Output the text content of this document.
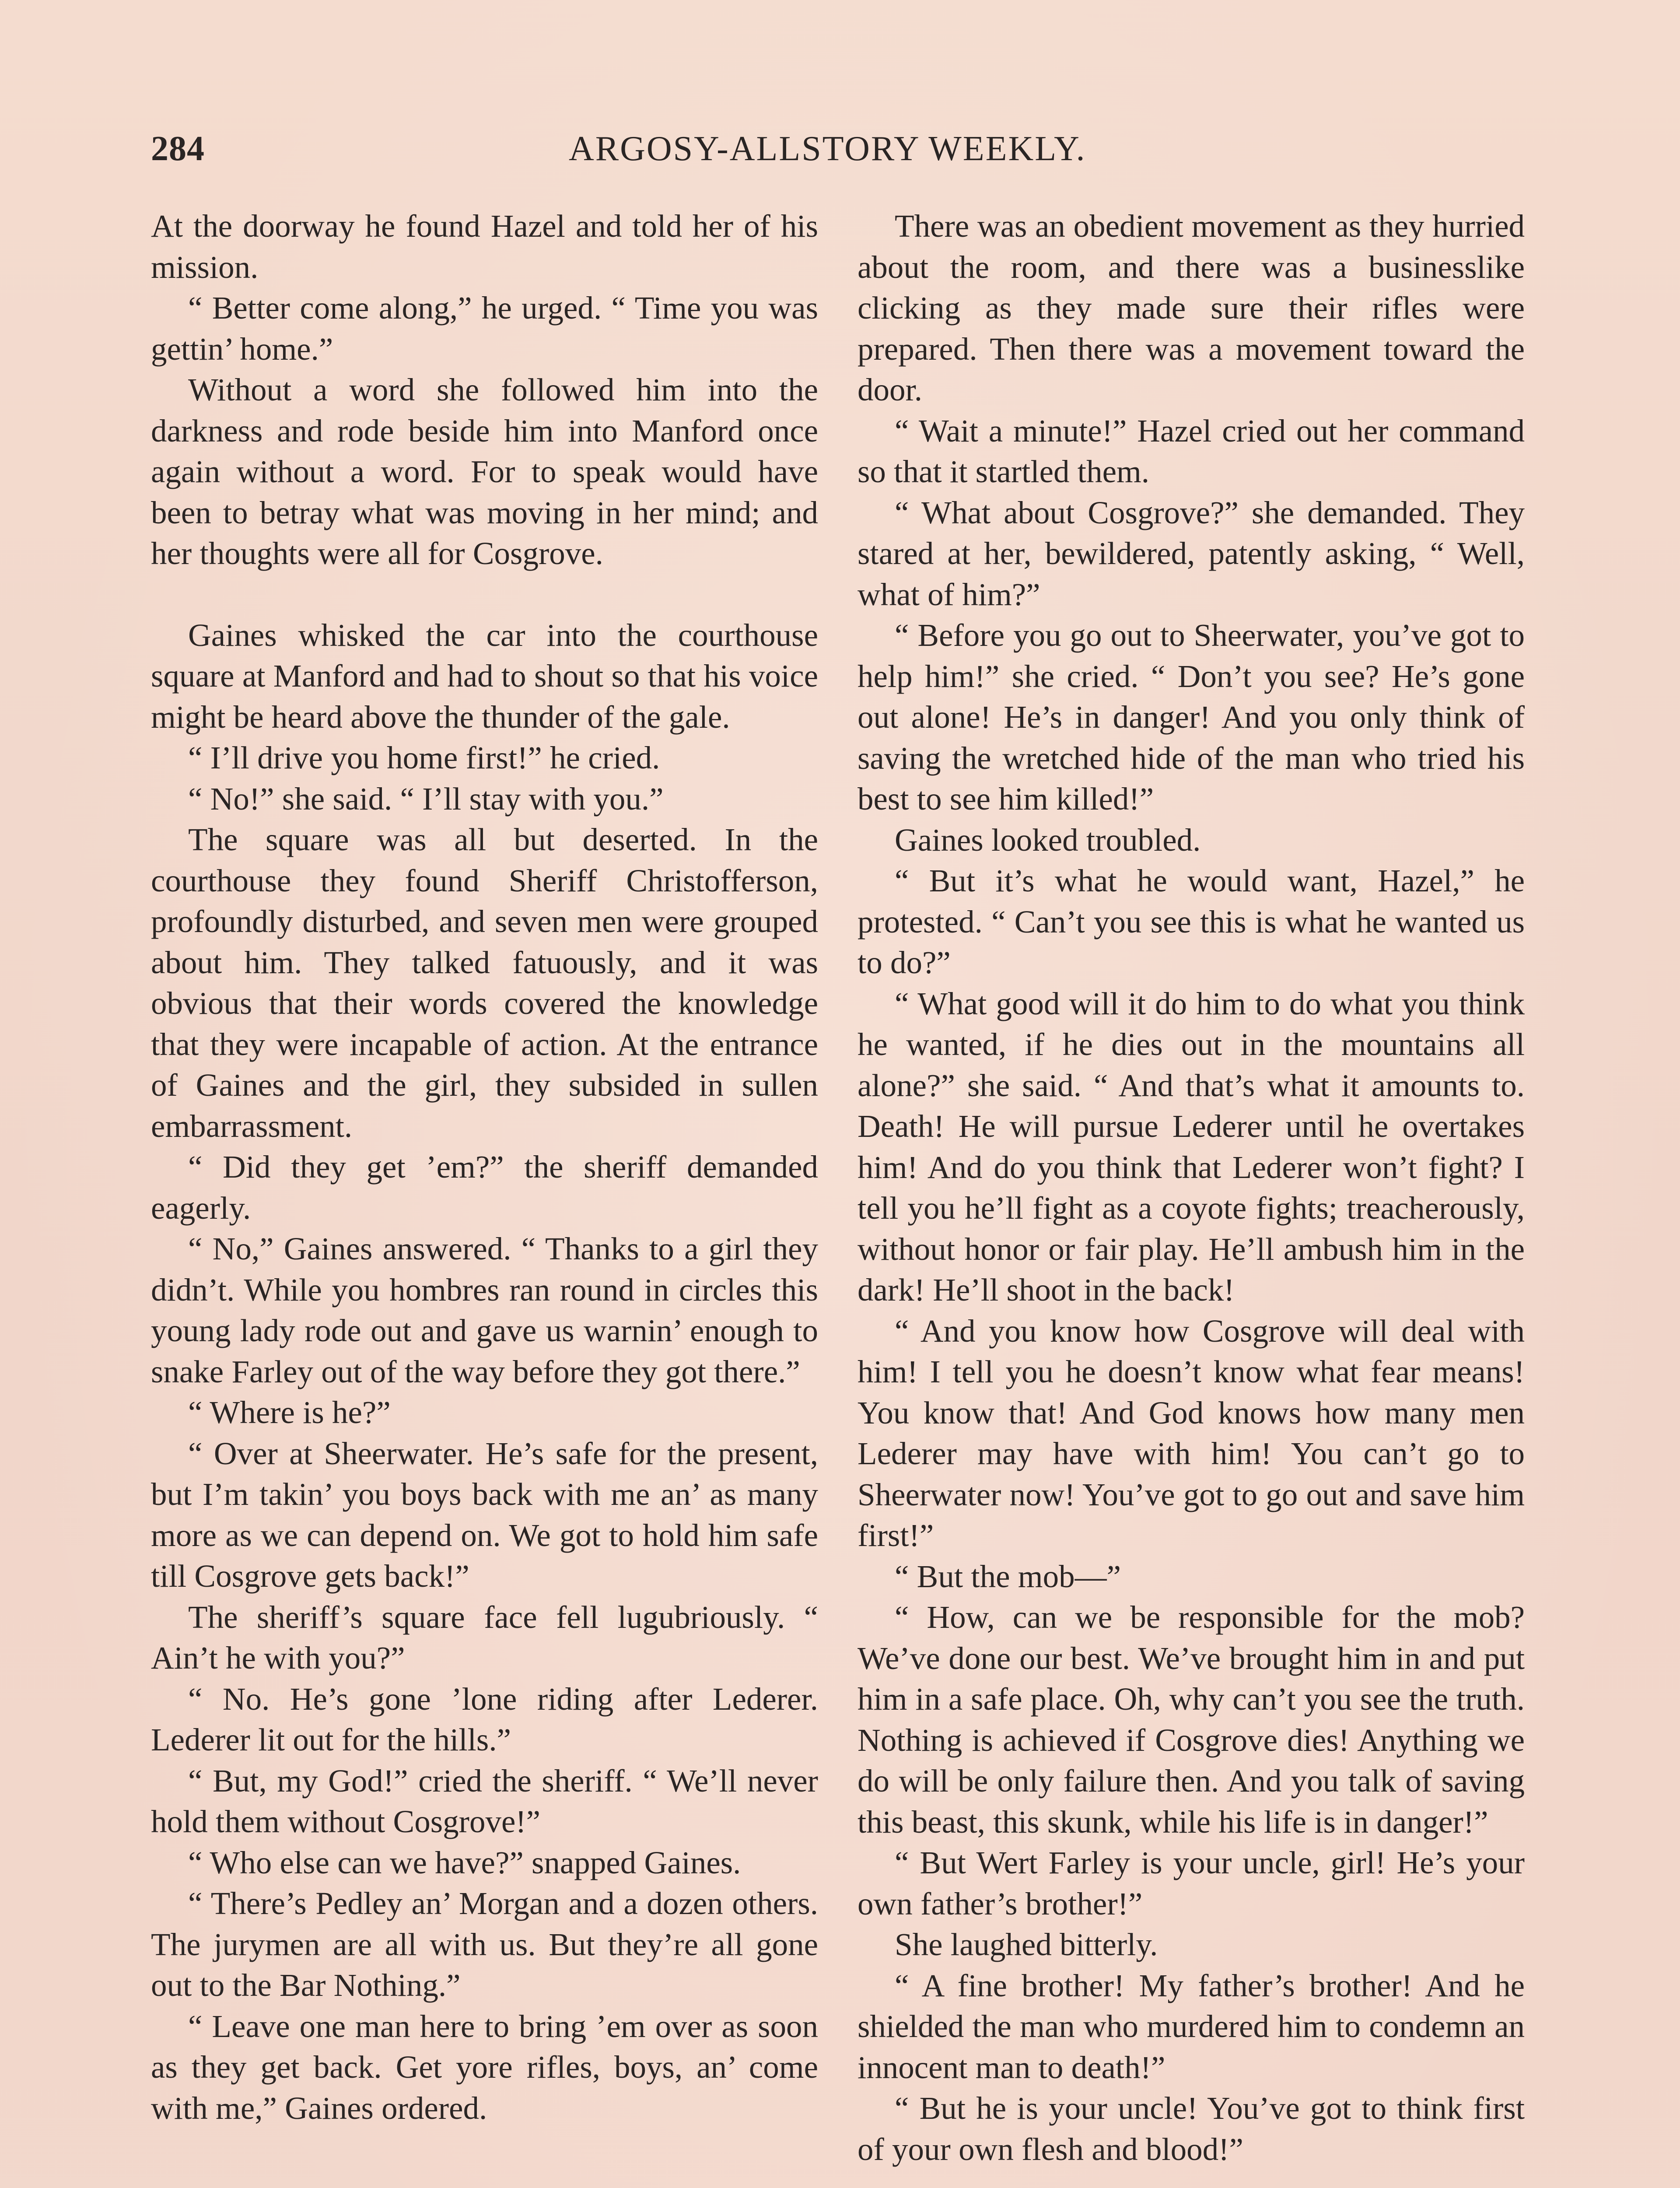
284	ARGOSY-ALLSTORY WEEKLY.

At the doorway he found Hazel and told her of his mission.

“ Better come along,” he urged. “ Time you was gettin’ home.”

Without a word she followed him into the darkness and rode beside him into Manford once again without a word. For to speak would have been to betray what was moving in her mind; and her thoughts were all for Cosgrove.

Gaines whisked the car into the courthouse square at Manford and had to shout so that his voice might be heard above the thunder of the gale.

“ I’ll drive you home first!” he cried.

“ No!” she said. “ I’ll stay with you.”

The square was all but deserted. In the courthouse they found Sheriff Christofferson, profoundly disturbed, and seven men were grouped about him. They talked fatuously, and it was obvious that their words covered the knowledge that they were incapable of action. At the entrance of Gaines and the girl, they subsided in sullen embarrassment.

“ Did they get ’em?” the sheriff demanded eagerly.

“ No,” Gaines answered. “ Thanks to a girl they didn’t. While you hombres ran round in circles this young lady rode out and gave us warnin’ enough to snake Farley out of the way before they got there.”

“ Where is he?”

“ Over at Sheerwater. He’s safe for the present, but I’m takin’ you boys back with me an’ as many more as we can depend on. We got to hold him safe till Cosgrove gets back!”

The sheriff’s square face fell lugubriously. “ Ain’t he with you?”

“ No. He’s gone ’lone riding after Lederer. Lederer lit out for the hills.”

“ But, my God!” cried the sheriff. “ We’ll never hold them without Cosgrove!”

“ Who else can we have?” snapped Gaines.

“ There’s Pedley an’ Morgan and a dozen others. The jurymen are all with us. But they’re all gone out to the Bar Nothing.”

“ Leave one man here to bring ’em over as soon as they get back. Get yore rifles, boys, an’ come with me,” Gaines ordered.

There was an obedient movement as they hurried about the room, and there was a businesslike clicking as they made sure their rifles were prepared. Then there was a movement toward the door.

“ Wait a minute!” Hazel cried out her command so that it startled them.

“ What about Cosgrove?” she demanded. They stared at her, bewildered, patently asking, “ Well, what of him?”

“ Before you go out to Sheerwater, you’ve got to help him!” she cried. “ Don’t you see? He’s gone out alone! He’s in danger! And you only think of saving the wretched hide of the man who tried his best to see him killed!”

Gaines looked troubled.

“ But it’s what he would want, Hazel,” he protested. “ Can’t you see this is what he wanted us to do?”

“ What good will it do him to do what you think he wanted, if he dies out in the mountains all alone?” she said. “ And that’s what it amounts to. Death! He will pursue Lederer until he overtakes him! And do you think that Lederer won’t fight? I tell you he’ll fight as a coyote fights; treacherously, without honor or fair play. He’ll ambush him in the dark! He’ll shoot in the back!

“ And you know how Cosgrove will deal with him! I tell you he doesn’t know what fear means! You know that! And God knows how many men Lederer may have with him! You can’t go to Sheerwater now! You’ve got to go out and save him first!”

“ But the mob—”

“ How, can we be responsible for the mob? We’ve done our best. We’ve brought him in and put him in a safe place. Oh, why can’t you see the truth. Nothing is achieved if Cosgrove dies! Anything we do will be only failure then. And you talk of saving this beast, this skunk, while his life is in danger!”

“ But Wert Farley is your uncle, girl! He’s your own father’s brother!”

She laughed bitterly.

“ A fine brother! My father’s brother! And he shielded the man who murdered him to condemn an innocent man to death!”

“ But he is your uncle! You’ve got to think first of your own flesh and blood!”
